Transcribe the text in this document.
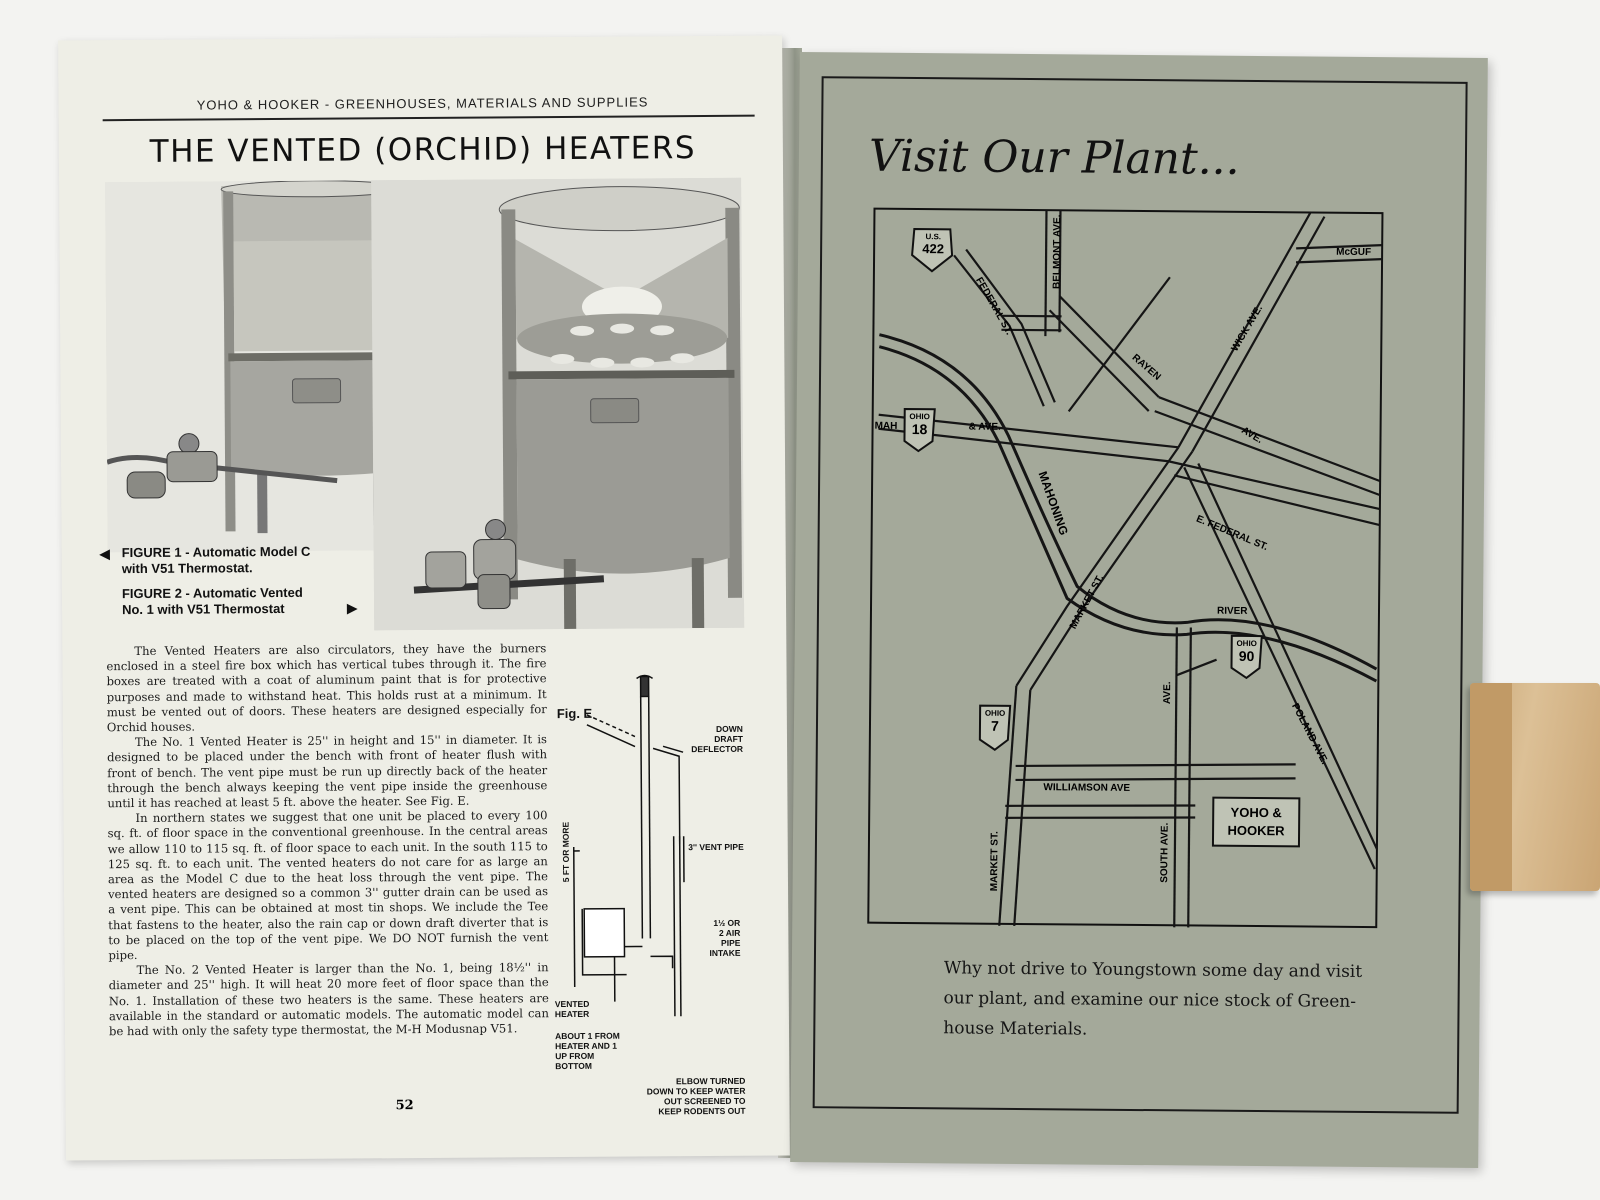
YOHO & HOOKER - GREENHOUSES, MATERIALS AND SUPPLIES
THE VENTED (ORCHID) HEATERS
◀ FIGURE 1 - Automatic Model C
with V51 Thermostat.
FIGURE 2 - Automatic Vented
No. 1 with V51 Thermostat	▶

The Vented Heaters are also circulators, they have the burners enclosed in a steel fire box which has vertical tubes through it. The fire boxes are treated with a coat of aluminum paint that is for protective purposes and made to withstand heat. This holds rust at a minimum. It must be vented out of doors. These heaters are designed especially for Orchid houses.

The No. 1 Vented Heater is 25'' in height and 15'' in diameter. It is designed to be placed under the bench with front of heater flush with front of bench. The vent pipe must be run up directly back of the heater through the bench always keeping the vent pipe inside the greenhouse until it has reached at least 5 ft. above the heater. See Fig. E.

In northern states we suggest that one unit be placed to every 100 sq. ft. of floor space in the conventional greenhouse. In the central areas we allow 110 to 115 sq. ft. of floor space to each unit. In the south 115 to 125 sq. ft. to each unit. The vented heaters do not care for as large an area as the Model C due to the heat loss through the vent pipe. The vented heaters are designed so a common 3'' gutter drain can be used as a vent pipe. This can be obtained at most tin shops. We include the Tee that fastens to the heater, also the rain cap or down draft diverter that is to be placed on the top of the vent pipe. We DO NOT furnish the vent pipe.

The No. 2 Vented Heater is larger than the No. 1, being 18½'' in diameter and 25'' high. It will heat 20 more feet of floor space than the No. 1. Installation of these two heaters is the same. These heaters are available in the standard or automatic models. The automatic model can be had with only the safety type thermostat, the M-H Modusnap V51.

Fig. E
DOWN
DRAFT
DEFLECTOR
5 FT OR MORE	3'' VENT PIPE
1½ OR
2 AIR
PIPE
INTAKE
VENTED
HEATER
ABOUT 1 FROM
HEATER AND 1
UP FROM
BOTTOM
ELBOW TURNED
DOWN TO KEEP WATER
OUT SCREENED TO
KEEP RODENTS OUT
52
Visit Our Plant...
FEDERAL ST.
BELMONT AVE.	McGUF
WICK AVE.
RAYEN
AVE.
MAH	& AVE.
MAHONING	E. FEDERAL ST.
MARKET ST.	RIVER
POLAND AVE.
AVE.
WILLIAMSON AVE
SOUTH AVE.
MARKET ST.
U.S.
422
OHIO
18
OHIO
90
OHIO
7
YOHO &
HOOKER
Why not drive to Youngstown some day and visit
our plant, and examine our nice stock of Green-
house Materials.
